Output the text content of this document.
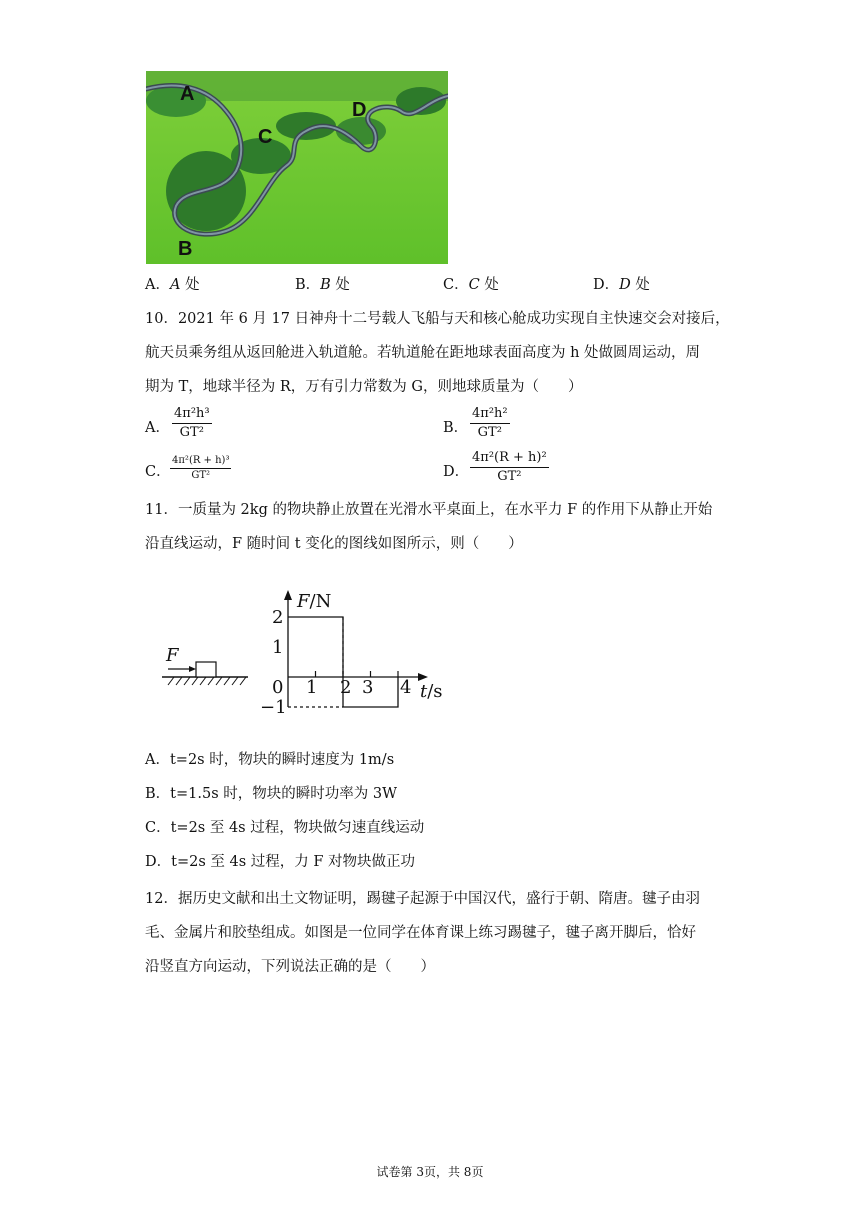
A
B
C
D
A．A 处	B．B 处	C．C 处	D．D 处
10．2021 年 6 月 17 日神舟十二号载人飞船与天和核心舱成功实现自主快速交会对接后，
航天员乘务组从返回舱进入轨道舱。若轨道舱在距地球表面高度为 h 处做圆周运动，周
期为 T，地球半径为 R，万有引力常数为 G，则地球质量为（　　）
A． $\frac{\text{4π²h³}}{\text{GT²}}$	B． $\frac{\text{4π²h²}}{\text{GT²}}$
C． $\frac{\text{4π²(R + h)³}}{\text{GT²}}$	D． $\frac{\text{4π²(R + h)²}}{\text{GT²}}$
11．一质量为 2kg 的物块静止放置在光滑水平桌面上，在水平力 F 的作用下从静止开始
沿直线运动，F 随时间 t 变化的图线如图所示，则（　　）
F
F/N
t/s
2
1
0
−1
1 2 3 4
A．t=2s 时，物块的瞬时速度为 1m/s
B．t=1.5s 时，物块的瞬时功率为 3W
C．t=2s 至 4s 过程，物块做匀速直线运动
D．t=2s 至 4s 过程，力 F 对物块做正功
12．据历史文献和出土文物证明，踢毽子起源于中国汉代，盛行于朝、隋唐。毽子由羽
毛、金属片和胶垫组成。如图是一位同学在体育课上练习踢毽子，毽子离开脚后，恰好
沿竖直方向运动，下列说法正确的是（　　）
试卷第 3页，共 8页
